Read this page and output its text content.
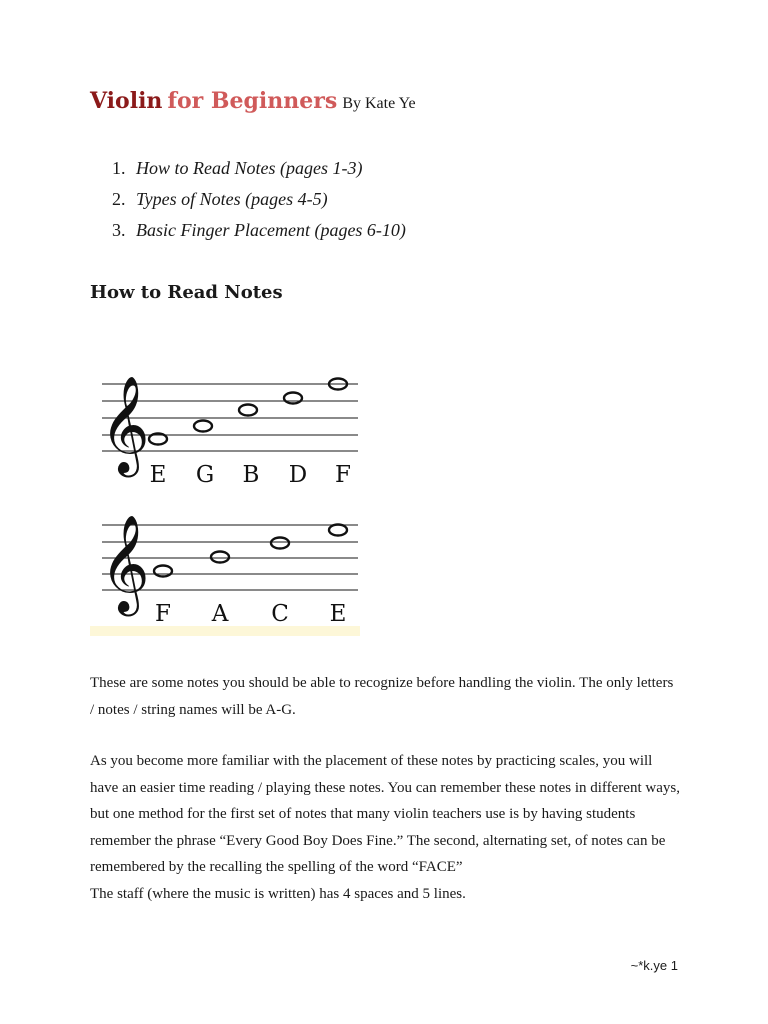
Violin for Beginners By Kate Ye
1. How to Read Notes (pages 1-3)
2. Types of Notes (pages 4-5)
3. Basic Finger Placement (pages 6-10)
How to Read Notes
𝄞
E G B D F
𝄞
F A C E

These are some notes you should be able to recognize before handling the violin. The only letters / notes / string names will be A-G.

As you become more familiar with the placement of these notes by practicing scales, you will have an easier time reading / playing these notes. You can remember these notes in different ways, but one method for the first set of notes that many violin teachers use is by having students remember the phrase “Every Good Boy Does Fine.” The second, alternating set, of notes can be remembered by the recalling the spelling of the word “FACE”
The staff (where the music is written) has 4 spaces and 5 lines.
~*k.ye 1
